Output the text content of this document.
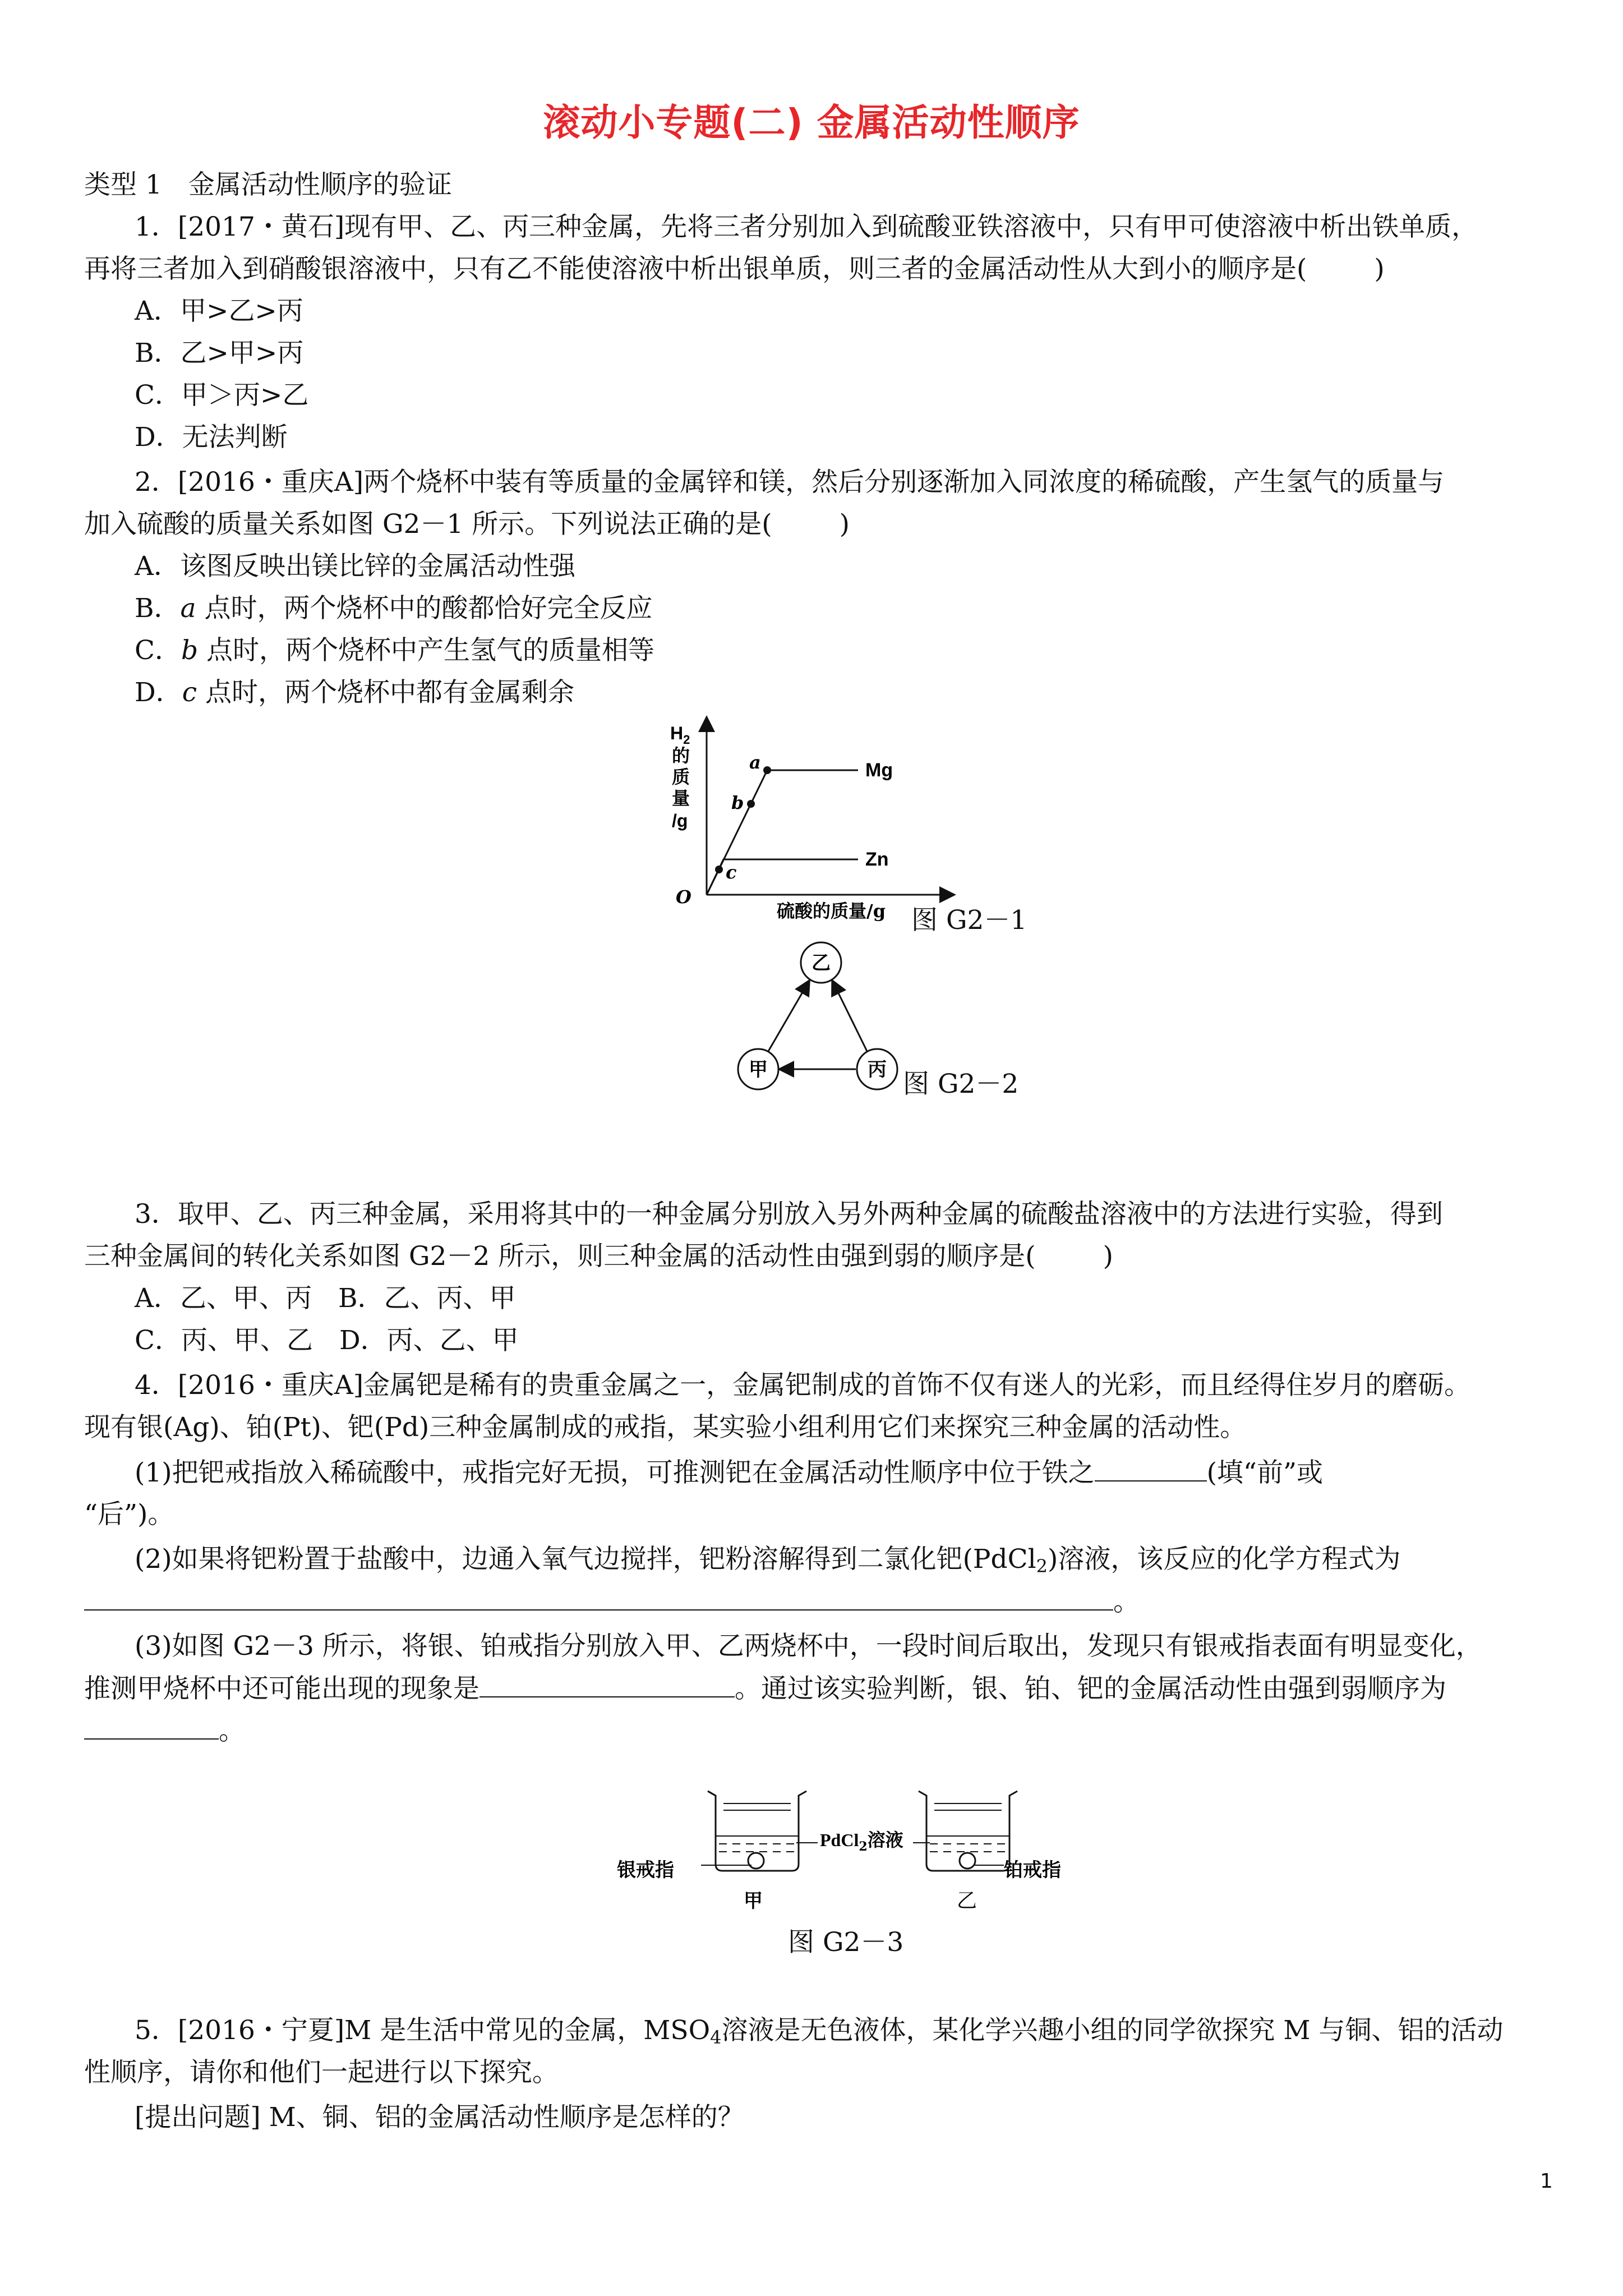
滚动小专题(二) 金属活动性顺序
类型 1　金属活动性顺序的验证
1．[2017・黄石]现有甲、乙、丙三种金属，先将三者分别加入到硫酸亚铁溶液中，只有甲可使溶液中析出铁单质，
再将三者加入到硝酸银溶液中，只有乙不能使溶液中析出银单质，则三者的金属活动性从大到小的顺序是(	)
A．甲>乙>丙
B．乙>甲>丙
C．甲＞丙>乙
D．无法判断
2．[2016・重庆A]两个烧杯中装有等质量的金属锌和镁，然后分别逐渐加入同浓度的稀硫酸，产生氢气的质量与
加入硫酸的质量关系如图 G2－1 所示。下列说法正确的是(	)
A．该图反映出镁比锌的金属活动性强
B．a 点时，两个烧杯中的酸都恰好完全反应
C．b 点时，两个烧杯中产生氢气的质量相等
D．c 点时，两个烧杯中都有金属剩余
$H_2$
的
质
量
/g
O
硫酸的质量/g
a
b
c
Mg
Zn
图 G2－1
乙
甲	丙 图 G2－2
3．取甲、乙、丙三种金属，采用将其中的一种金属分别放入另外两种金属的硫酸盐溶液中的方法进行实验，得到
三种金属间的转化关系如图 G2－2 所示，则三种金属的活动性由强到弱的顺序是(	)
A．乙、甲、丙　B．乙、丙、甲
C．丙、甲、乙　D．丙、乙、甲
4．[2016・重庆A]金属钯是稀有的贵重金属之一，金属钯制成的首饰不仅有迷人的光彩，而且经得住岁月的磨砺。
现有银(Ag)、铂(Pt)、钯(Pd)三种金属制成的戒指，某实验小组利用它们来探究三种金属的活动性。
(1)把钯戒指放入稀硫酸中，戒指完好无损，可推测钯在金属活动性顺序中位于铁之	(填“前”或
“后”)。
(2)如果将钯粉置于盐酸中，边通入氧气边搅拌，钯粉溶解得到二氯化钯(PdCl$_2$)溶液，该反应的化学方程式为
。
(3)如图 G2－3 所示，将银、铂戒指分别放入甲、乙两烧杯中，一段时间后取出，发现只有银戒指表面有明显变化，
推测甲烧杯中还可能出现的现象是	。通过该实验判断，银、铂、钯的金属活动性由强到弱顺序为
。
银戒指
PdCl$_2$溶液
铂戒指
甲	乙
图 G2－3
5．[2016・宁夏]M 是生活中常见的金属，$MSO_4$溶液是无色液体，某化学兴趣小组的同学欲探究 M 与铜、铝的活动
性顺序，请你和他们一起进行以下探究。
[提出问题] M、铜、铝的金属活动性顺序是怎样的？
1
